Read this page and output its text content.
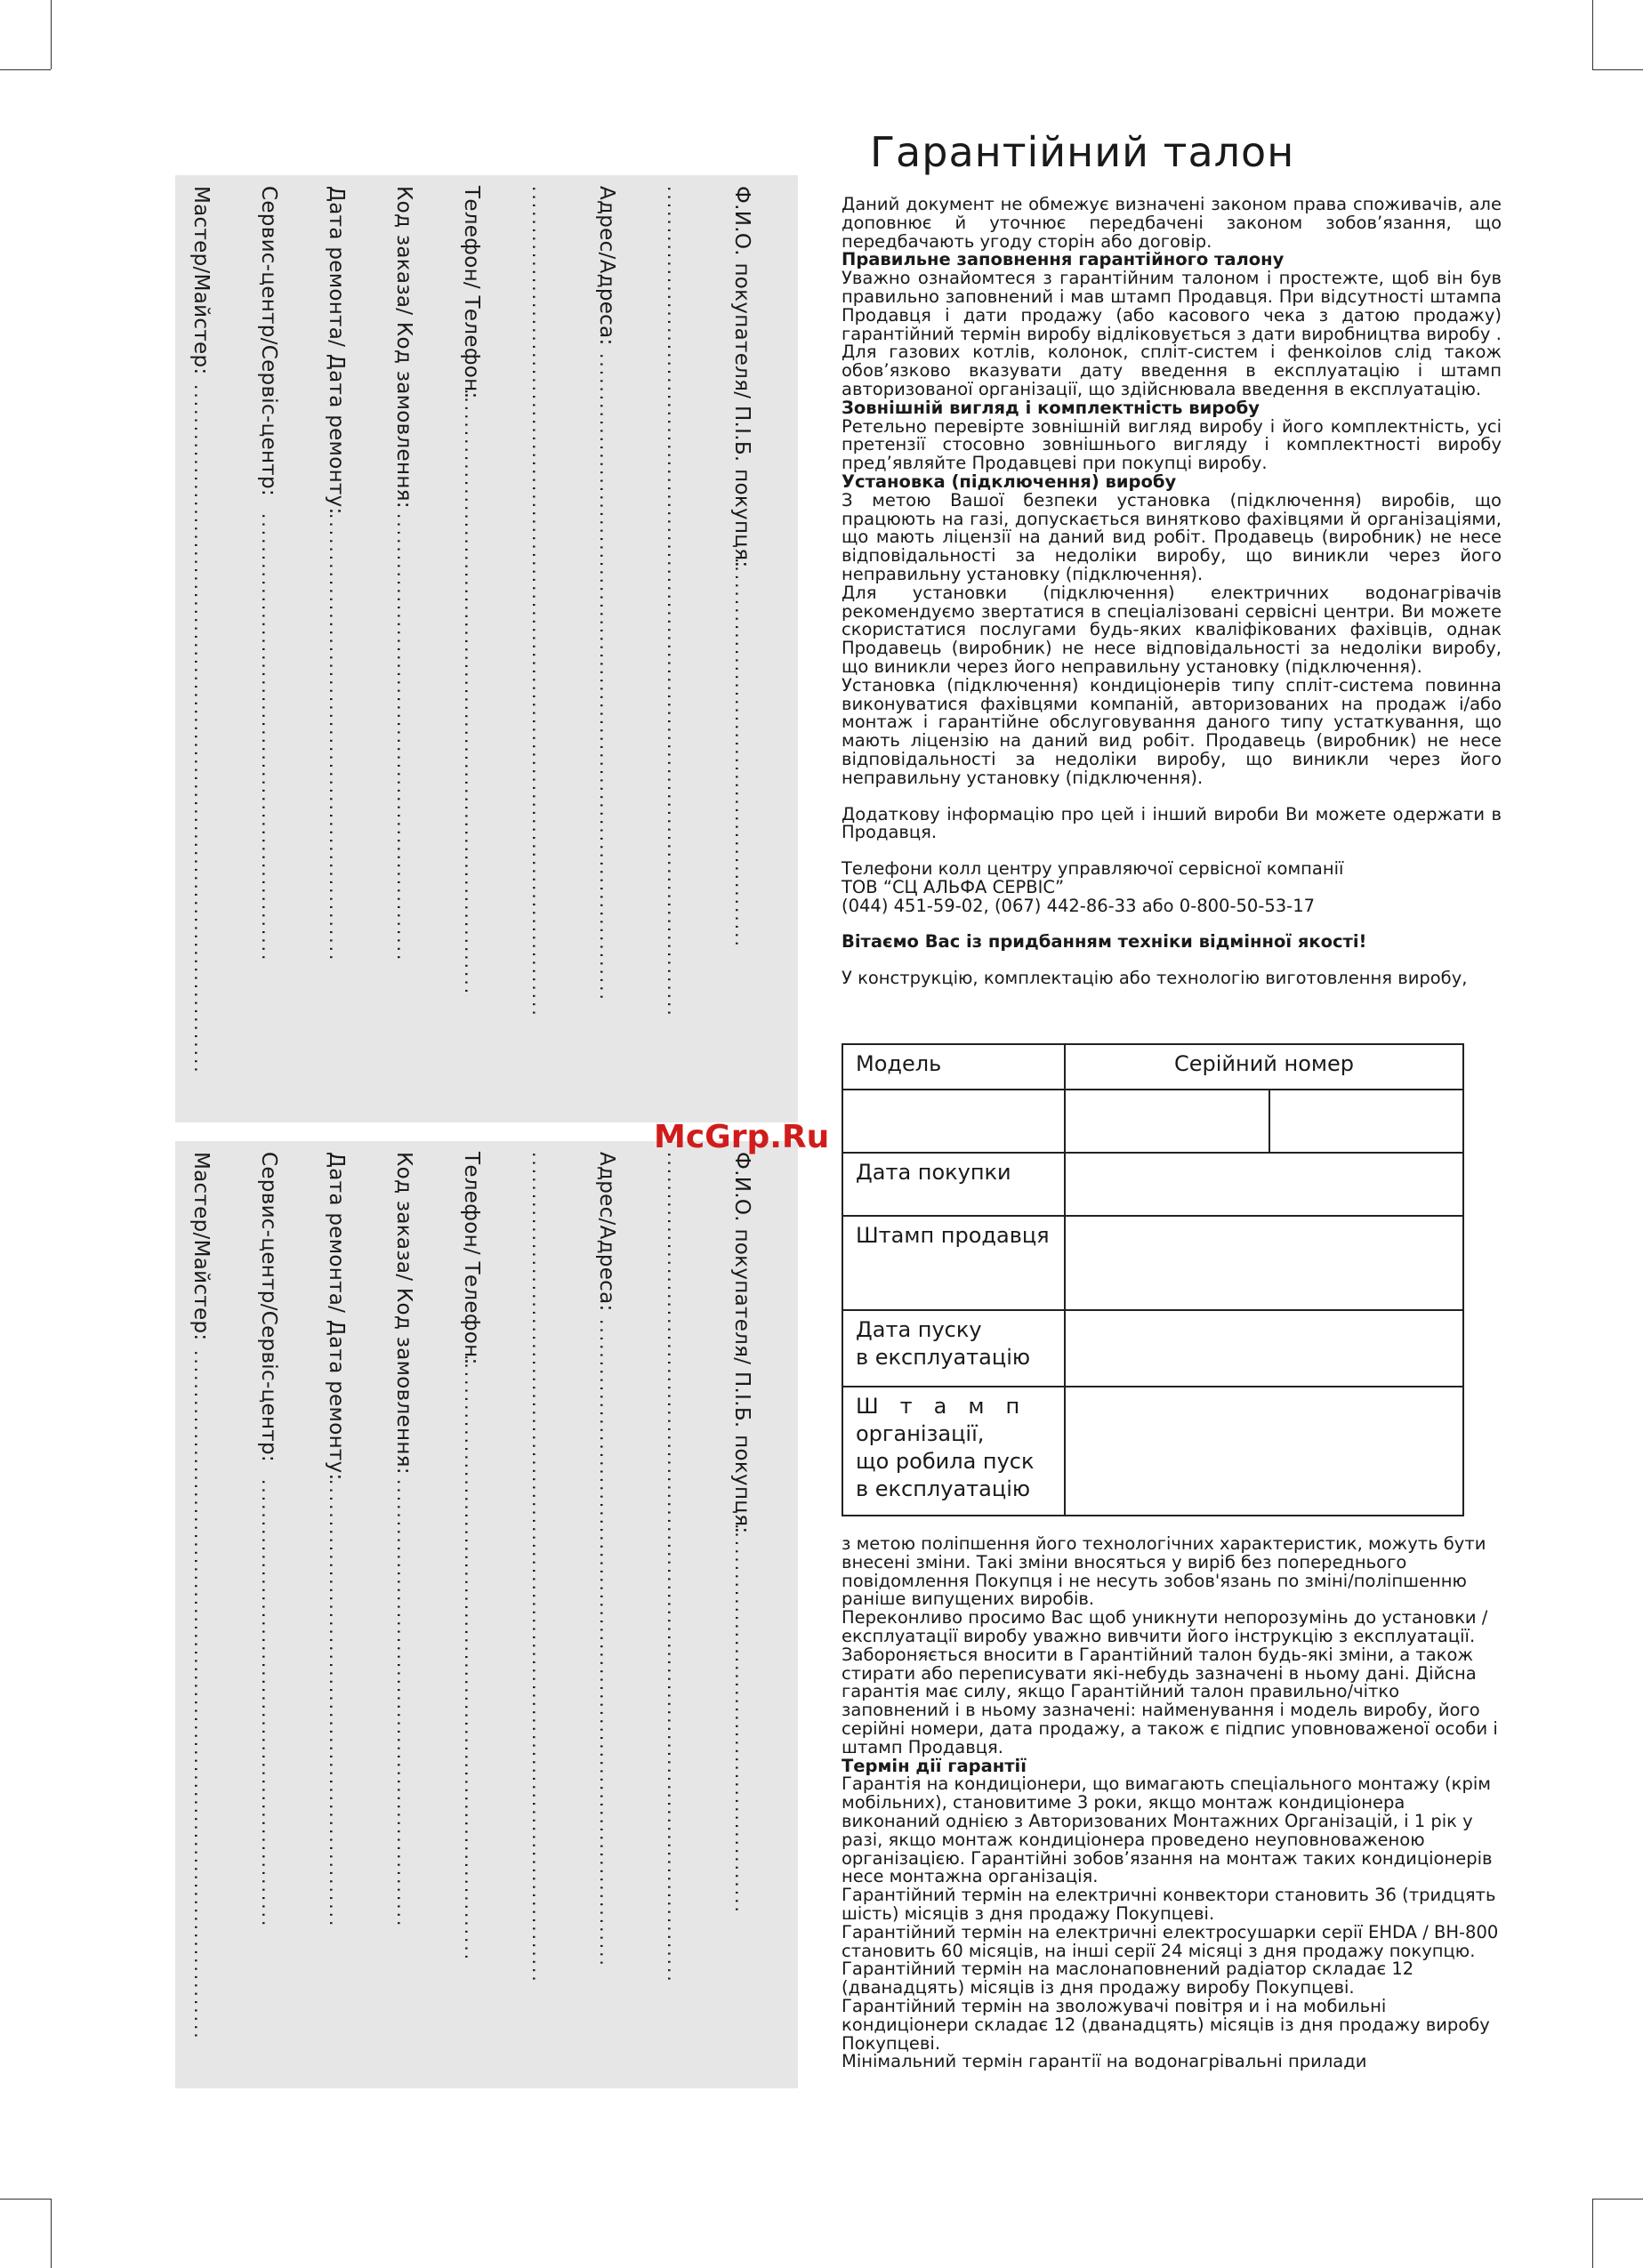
Ф.И.О. покупателя/ П.І.Б. покупця:
...............................................
....................................................................................................
Адрес/Адреса:
..............................................................................
....................................................................................................
Телефон/ Телефон:
.........................................................................
Код заказа/ Код замовлення:
......................................................
Дата ремонта/ Дата ремонту:
......................................................
Сервис-центр/Сервіс-центр:
......................................................
Мастер/Майстер:
...................................................................................
Ф.И.О. покупателя/ П.І.Б. покупця:
...............................................
....................................................................................................
Адрес/Адреса:
..............................................................................
....................................................................................................
Телефон/ Телефон:
.........................................................................
Код заказа/ Код замовлення:
......................................................
Дата ремонта/ Дата ремонту:
......................................................
Сервис-центр/Сервіс-центр:
......................................................
Мастер/Майстер:
...................................................................................
Гарантійний талон

Даний документ не обмежує визначені законом права споживачів, але доповнює й уточнює передбачені законом зобов’язання, що передбачають угоду сторін або договір.

Правильне заповнення гарантійного талону

Уважно ознайомтеся з гарантійним талоном і простежте, щоб він був правильно заповнений і мав штамп Продавця. При відсутності штампа Продавця і дати продажу (або касового чека з датою продажу) гарантійний термін виробу відліковується з дати виробництва виробу . Для газових котлів, колонок, спліт-систем і фенкоілов слід також обов’язково вказувати дату введення в експлуатацію і штамп авторизованої організації, що здійснювала введення в експлуатацію.

Зовнішній вигляд і комплектність виробу

Ретельно перевірте зовнішній вигляд виробу і його комплектність, усі претензії стосовно зовнішнього вигляду і комплектності виробу пред’являйте Продавцеві при покупці виробу.

Установка (підключення) виробу

З метою Вашої безпеки установка (підключення) виробів, що працюють на газі, допускається винятково фахівцями й організаціями, що мають ліцензії на даний вид робіт. Продавець (виробник) не несе відповідальності за недоліки виробу, що виникли через його неправильну установку (підключення).

Для установки (підключення) електричних водонагрівачів рекомендуємо звертатися в спеціалізовані сервісні центри. Ви можете скористатися послугами будь-яких кваліфікованих фахівців, однак Продавець (виробник) не несе відповідальності за недоліки виробу, що виникли через його неправильну установку (підключення).

Установка (підключення) кондиціонерів типу спліт-система повинна виконуватися фахівцями компаній, авторизованих на продаж і/або монтаж і гарантійне обслуговування даного типу устаткування, що мають ліцензію на даний вид робіт. Продавець (виробник) не несе відповідальності за недоліки виробу, що виникли через його неправильну установку (підключення).

Додаткову інформацію про цей і інший вироби Ви можете одержати в Продавця.

Телефони колл центру управляючої сервісної компанії

ТОВ “СЦ АЛЬФА СЕРВІС”

(044) 451-59-02, (067) 442-86-33 або 0-800-50-53-17

Вітаємо Вас із придбанням техніки відмінної якості!

У конструкцію, комплектацію або технологію виготовлення виробу,

Модель	Серійний номер	

Дата покупки		
Штамп продавця		

Дата пуску
в експлуатацію		

Штамп
організації,
що робила пуск
в експлуатацію		

з метою поліпшення його технологічних характеристик, можуть бути внесені зміни. Такі зміни вносяться у виріб без попереднього повідомлення Покупця і не несуть зобов'язань по зміні/поліпшенню раніше випущених виробів.

Переконливо просимо Вас щоб уникнути непорозумінь до установки /експлуатації виробу уважно вивчити його інструкцію з експлуатації. Забороняється вносити в Гарантійний талон будь-які зміни, а також стирати або переписувати які-небудь зазначені в ньому дані. Дійсна гарантія має силу, якщо Гарантійний талон правильно/чітко заповнений і в ньому зазначені: найменування і модель виробу, його серійні номери, дата продажу, а також є підпис уповноваженої особи і штамп Продавця.

Термін дії гарантії

Гарантія на кондиціонери, що вимагають спеціального монтажу (крім мобільних), становитиме 3 роки, якщо монтаж кондиціонера виконаний однією з Авторизованих Монтажних Організацій, і 1 рік у разі, якщо монтаж кондиціонера проведено неуповноваженою організацією. Гарантійні зобов’язання на монтаж таких кондиціонерів несе монтажна організація.

Гарантійний термін на електричні конвектори становить 36 (тридцять шість) місяців з дня продажу Покупцеві.

Гарантійний термін на електричні електросушарки серії EHDA / BH-800 становить 60 місяців, на інші серії 24 місяці з дня продажу покупцю.

Гарантійний термін на маслонаповнений радіатор складає 12 (дванадцять) місяців із дня продажу виробу Покупцеві.

Гарантійний термін на зволожувачі повітря и і на мобильні кондиціонери складає 12 (дванадцять) місяців із дня продажу виробу Покупцеві.

Мінімальний термін гарантії на водонагрівальні прилади

McGrp.Ru
